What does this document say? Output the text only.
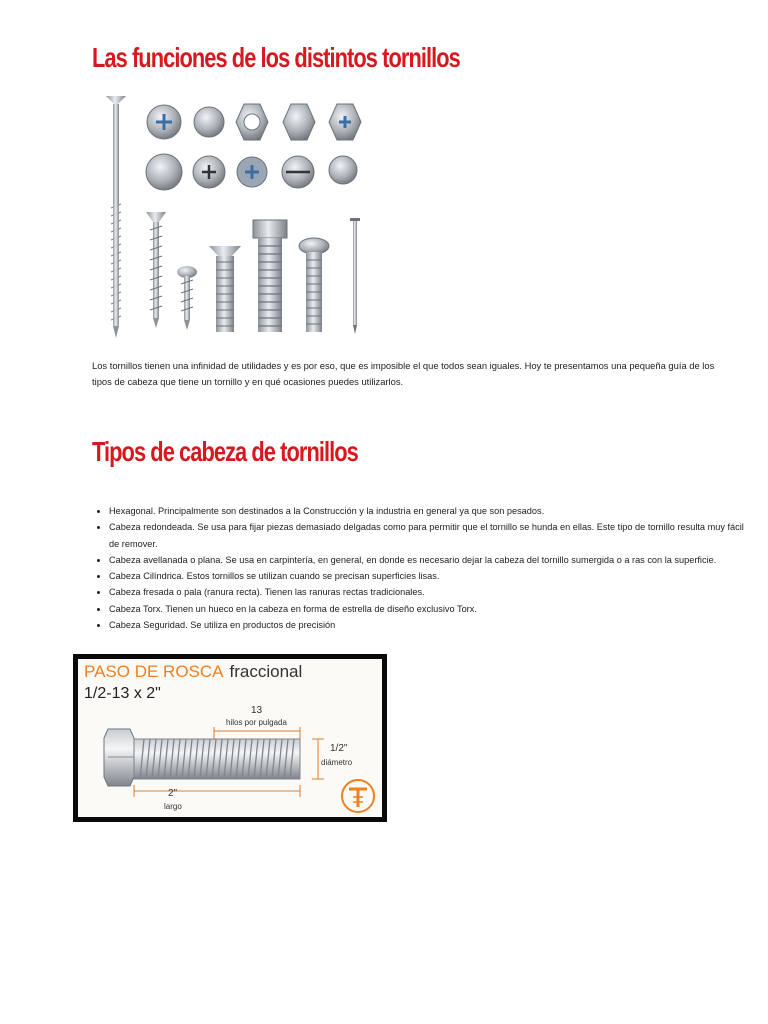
Las funciones de los distintos tornillos

Los tornillos tienen una infinidad de utilidades y es por eso, que es imposible el que todos sean iguales. Hoy te presentamos una pequeña guía de los tipos de cabeza que tiene un tornillo y en qué ocasiones puedes utilizarlos.

Tipos de cabeza de tornillos
• Hexagonal. Principalmente son destinados a la Construcción y la industria en general ya que son pesados.
• Cabeza redondeada. Se usa para fijar piezas demasiado delgadas como para permitir que el tornillo se hunda en ellas. Este tipo de tornillo resulta muy fácil de remover.
• Cabeza avellanada o plana. Se usa en carpintería, en general, en donde es necesario dejar la cabeza del tornillo sumergida o a ras con la superficie.
• Cabeza Cilíndrica. Estos tornillos se utilizan cuando se precisan superficies lisas.
• Cabeza fresada o pala (ranura recta). Tienen las ranuras rectas tradicionales.
• Cabeza Torx. Tienen un hueco en la cabeza en forma de estrella de diseño exclusivo Torx.
• Cabeza Seguridad. Se utiliza en productos de precisión
PASO DE ROSCA fraccional
1/2-13 x 2"
13
hilos por pulgada
1/2"
diámetro
2"
largo
